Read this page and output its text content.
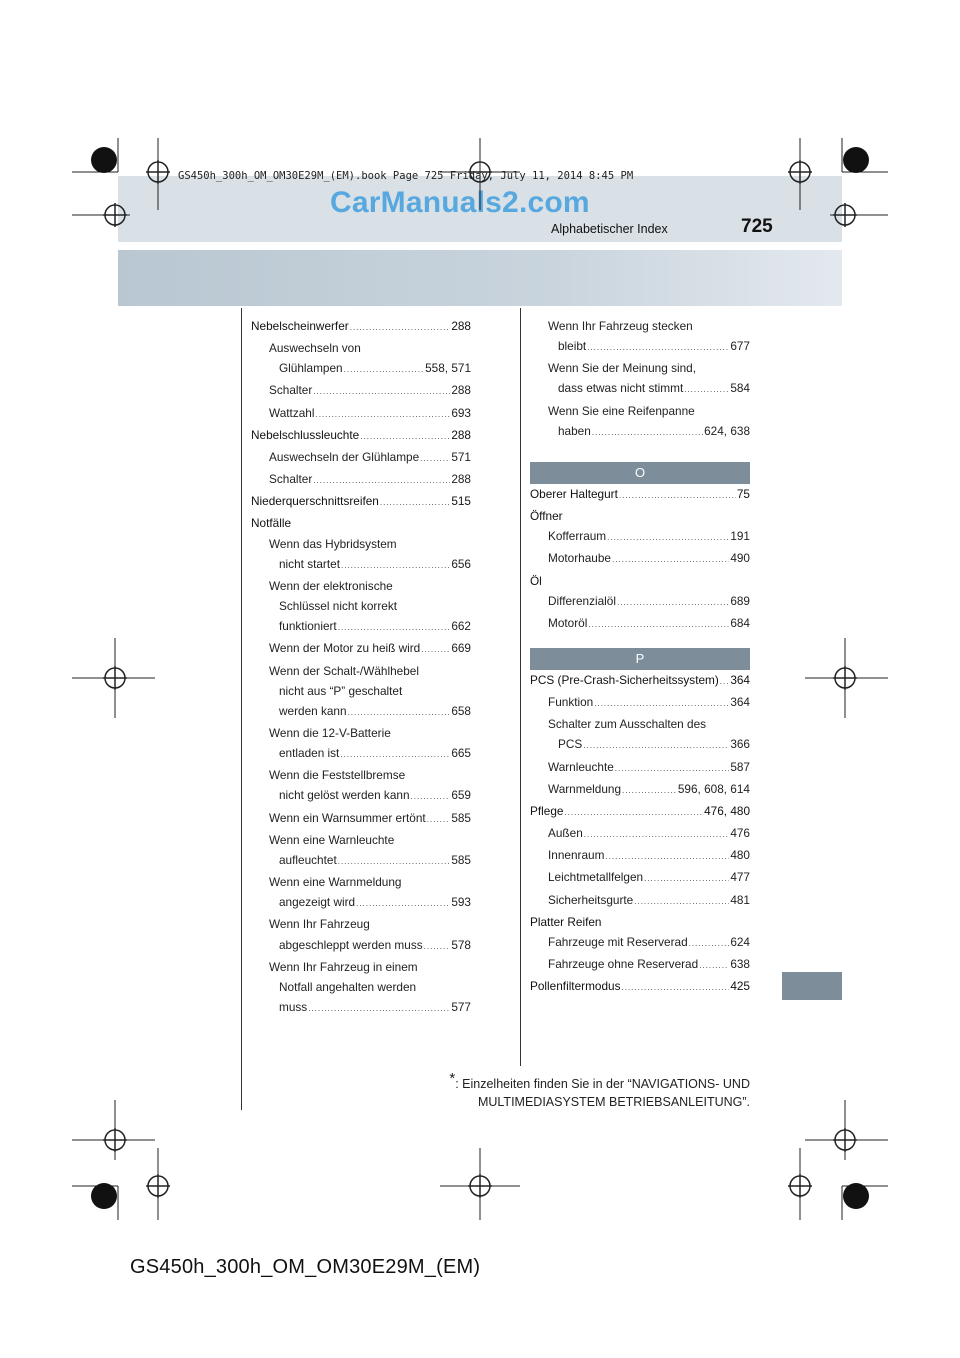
GS450h_300h_OM_OM30E29M_(EM).book Page 725 Friday, July 11, 2014 8:45 PM
CarManuals2.com
Alphabetischer Index	725
Nebelscheinwerfer .....	288
Auswechseln von
Glühlampen .....	558, 571
Schalter .....	288
Wattzahl .....	693
Nebelschlussleuchte .....	288
Auswechseln der Glühlampe .....	571
Schalter .....	288
Niederquerschnittsreifen .....	515
Notfälle
Wenn das Hybridsystem
nicht startet .....	656
Wenn der elektronische
Schlüssel nicht korrekt
funktioniert .....	662
Wenn der Motor zu heiß wird .....	669
Wenn der Schalt-/Wählhebel
nicht aus “P” geschaltet
werden kann .....	658
Wenn die 12-V-Batterie
entladen ist .....	665
Wenn die Feststellbremse
nicht gelöst werden kann .....	659
Wenn ein Warnsummer ertönt ..... 585
Wenn eine Warnleuchte
aufleuchtet .....	585
Wenn eine Warnmeldung
angezeigt wird .....	593
Wenn Ihr Fahrzeug
abgeschleppt werden muss ..... 578
Wenn Ihr Fahrzeug in einem
Notfall angehalten werden
muss .....	577
Wenn Ihr Fahrzeug stecken
bleibt .....	677
Wenn Sie der Meinung sind,
dass etwas nicht stimmt .....	584
Wenn Sie eine Reifenpanne
haben .....	624, 638
O
Oberer Haltegurt .....	75
Öffner
Kofferraum .....	191
Motorhaube .....	490
Öl
Differenzialöl .....	689
Motoröl .....	684
P
PCS (Pre-Crash-Sicherheitssystem) ..... 364
Funktion .....	364
Schalter zum Ausschalten des
PCS .....	366
Warnleuchte .....	587
Warnmeldung .....	596, 608, 614
Pflege .....	476, 480
Außen .....	476
Innenraum .....	480
Leichtmetallfelgen .....	477
Sicherheitsgurte .....	481
Platter Reifen
Fahrzeuge mit Reserverad .....	624
Fahrzeuge ohne Reserverad .....	638
Pollenfiltermodus .....	425
*: Einzelheiten finden Sie in der “NAVIGATIONS- UND
MULTIMEDIASYSTEM BETRIEBSANLEITUNG”.
GS450h_300h_OM_OM30E29M_(EM)
